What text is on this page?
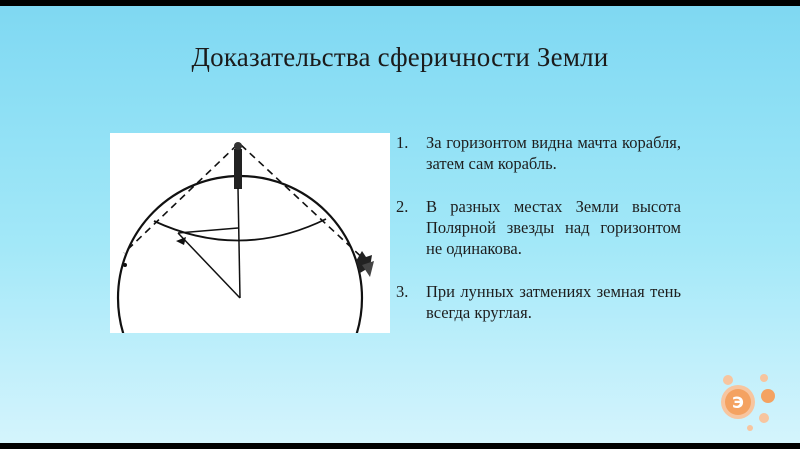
Доказательства сферичности Земли
1.	За горизонтом видна мачта корабля, затем сам корабль.
2.	В разных местах Земли высота Полярной звезды над горизонтом не одинакова.
3.	При лунных затмениях земная тень всегда круглая.
Э
